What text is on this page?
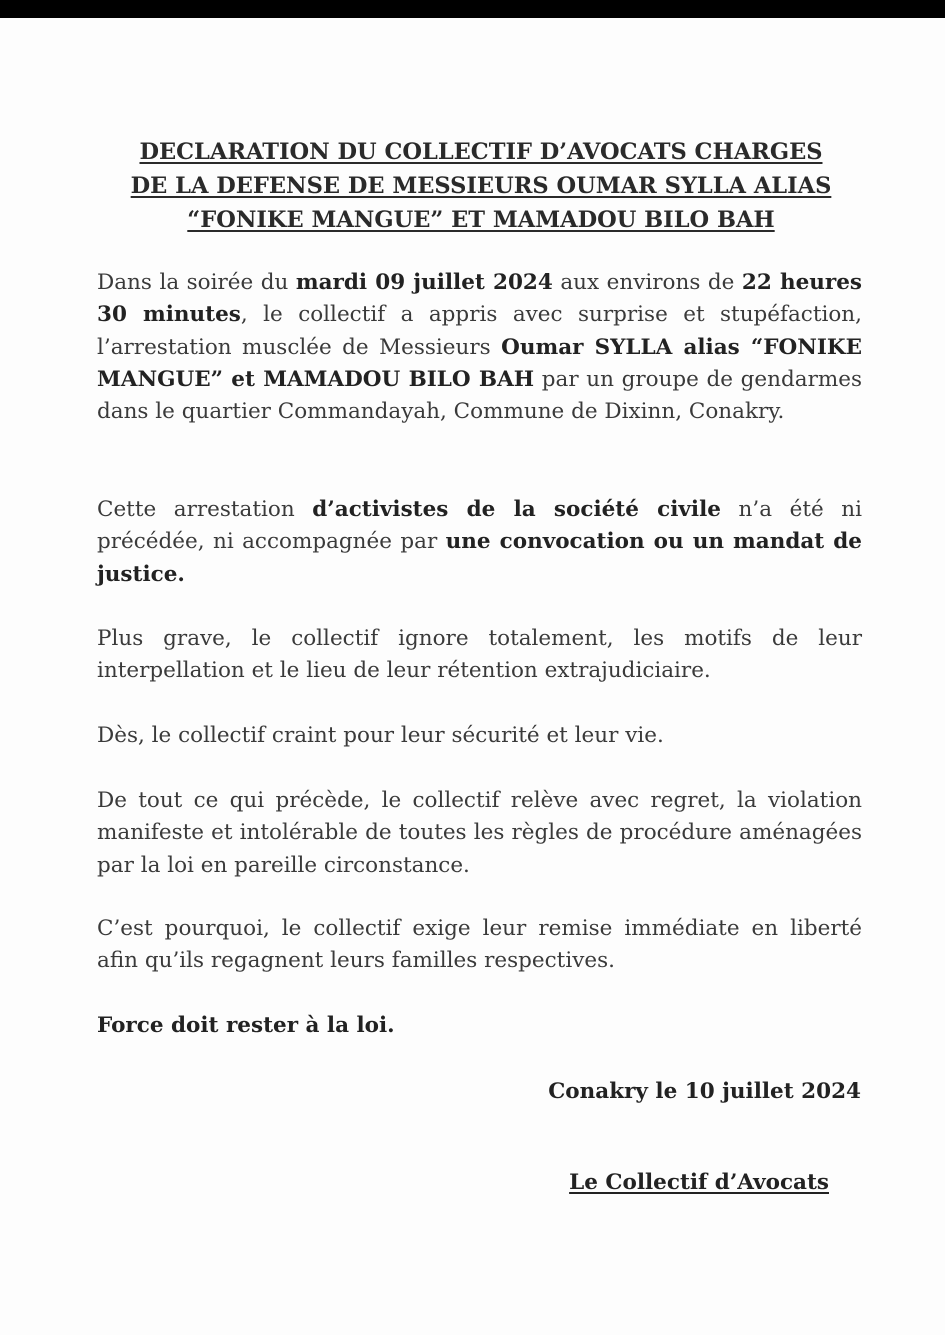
DECLARATION DU COLLECTIF D’AVOCATS CHARGES
DE LA DEFENSE DE MESSIEURS OUMAR SYLLA ALIAS
“FONIKE MANGUE” ET MAMADOU BILO BAH
Dans la soirée du mardi 09 juillet 2024 aux environs de 22 heures 30 minutes, le collectif a appris avec surprise et stupéfaction, l’arrestation musclée de Messieurs Oumar SYLLA alias “FONIKE MANGUE” et MAMADOU BILO BAH par un groupe de gendarmes dans le quartier Commandayah, Commune de Dixinn, Conakry.
Cette arrestation d’activistes de la société civile n’a été ni précédée, ni accompagnée par une convocation ou un mandat de justice.
Plus grave, le collectif ignore totalement, les motifs de leur interpellation et le lieu de leur rétention extrajudiciaire.
Dès, le collectif craint pour leur sécurité et leur vie.
De tout ce qui précède, le collectif relève avec regret, la violation manifeste et intolérable de toutes les règles de procédure aménagées par la loi en pareille circonstance.
C’est pourquoi, le collectif exige leur remise immédiate en liberté afin qu’ils regagnent leurs familles respectives.
Force doit rester à la loi.
Conakry le 10 juillet 2024
Le Collectif d’Avocats
